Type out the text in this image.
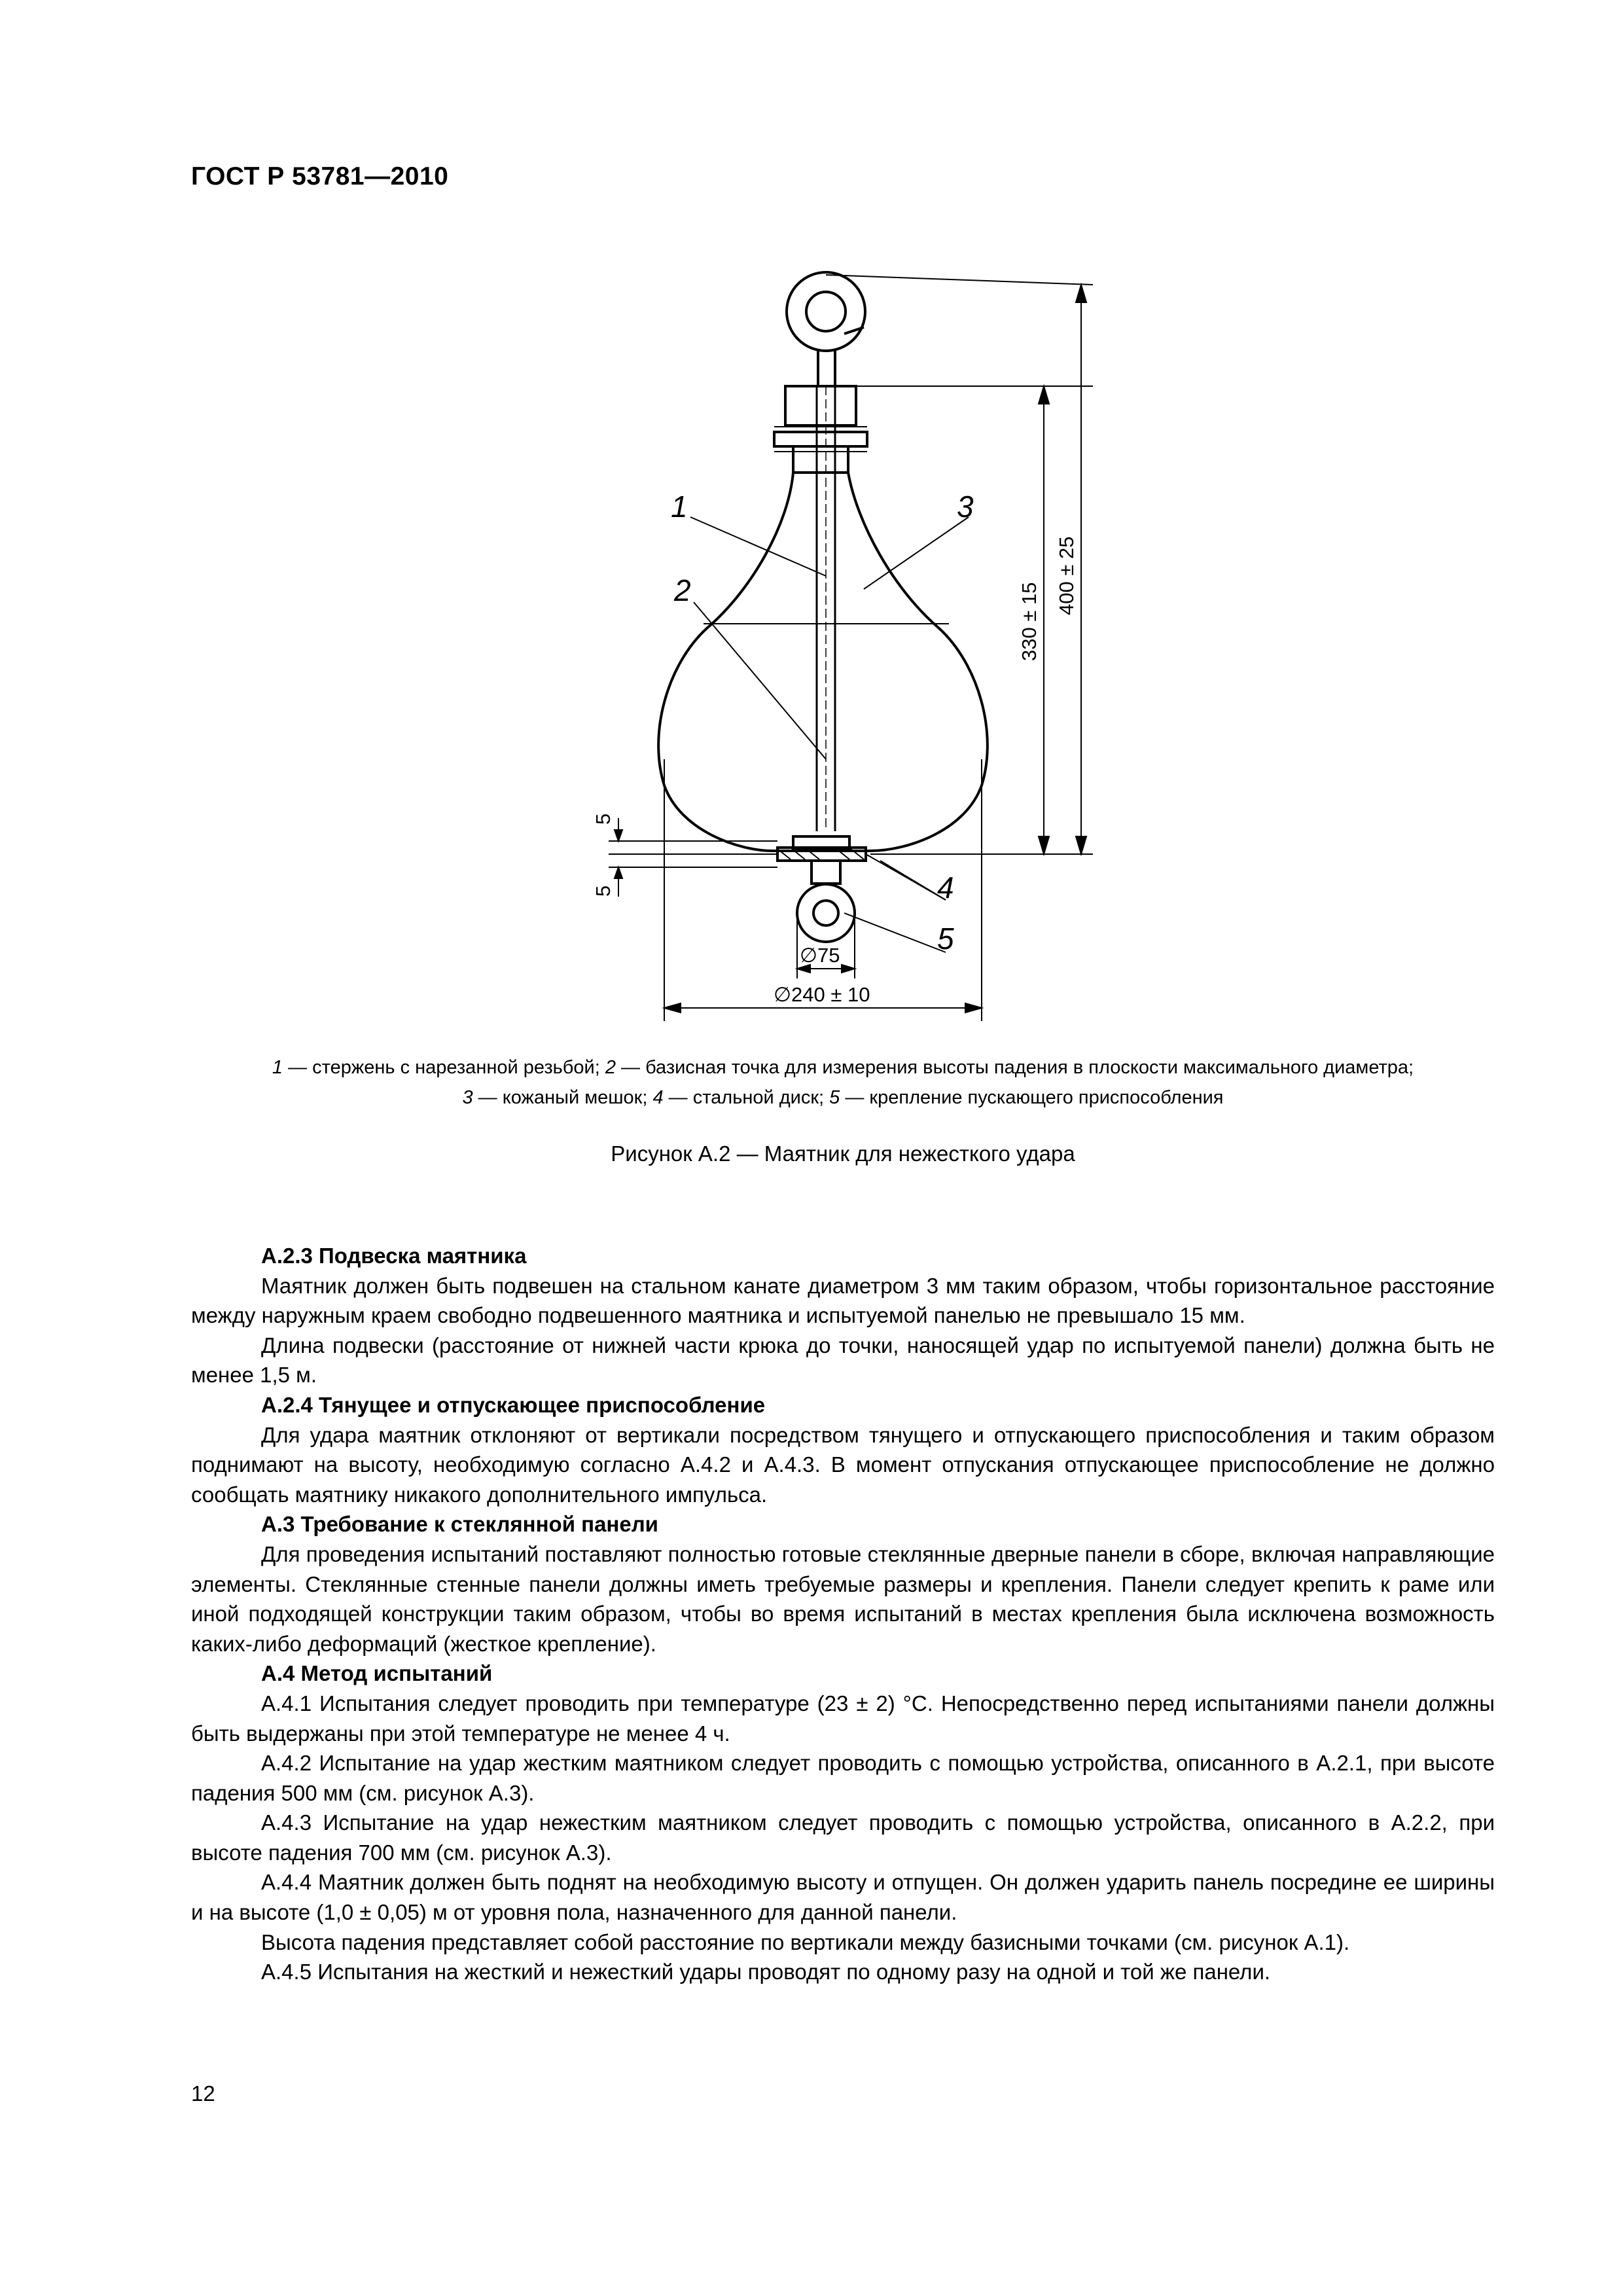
ГОСТ Р 53781—2010
1	3
2
4
5
400 ± 25
330 ± 15
5
5
∅75
∅240 ± 10
1 — стержень с нарезанной резьбой; 2 — базисная точка для измерения высоты падения в плоскости максимального диаметра;
3 — кожаный мешок; 4 — стальной диск; 5 — крепление пускающего приспособления
Рисунок А.2 — Маятник для нежесткого удара

А.2.3 Подвеска маятника

Маятник должен быть подвешен на стальном канате диаметром 3 мм таким образом, чтобы горизонтальное расстояние между наружным краем свободно подвешенного маятника и испытуемой панелью не превышало 15 мм.

Длина подвески (расстояние от нижней части крюка до точки, наносящей удар по испытуемой панели) должна быть не менее 1,5 м.

А.2.4 Тянущее и отпускающее приспособление

Для удара маятник отклоняют от вертикали посредством тянущего и отпускающего приспособления и таким образом поднимают на высоту, необходимую согласно А.4.2 и А.4.3. В момент отпускания отпускающее приспособление не должно сообщать маятнику никакого дополнительного импульса.

А.3 Требование к стеклянной панели

Для проведения испытаний поставляют полностью готовые стеклянные дверные панели в сборе, включая направляющие элементы. Стеклянные стенные панели должны иметь требуемые размеры и крепления. Панели следует крепить к раме или иной подходящей конструкции таким образом, чтобы во время испытаний в местах крепления была исключена возможность каких-либо деформаций (жесткое крепление).

А.4 Метод испытаний

А.4.1 Испытания следует проводить при температуре (23 ± 2) °С. Непосредственно перед испытаниями панели должны быть выдержаны при этой температуре не менее 4 ч.

А.4.2 Испытание на удар жестким маятником следует проводить с помощью устройства, описанного в А.2.1, при высоте падения 500 мм (см. рисунок А.3).

А.4.3 Испытание на удар нежестким маятником следует проводить с помощью устройства, описанного в А.2.2, при высоте падения 700 мм (см. рисунок А.3).

А.4.4 Маятник должен быть поднят на необходимую высоту и отпущен. Он должен ударить панель посредине ее ширины и на высоте (1,0 ± 0,05) м от уровня пола, назначенного для данной панели.

Высота падения представляет собой расстояние по вертикали между базисными точками (см. рисунок А.1).

А.4.5 Испытания на жесткий и нежесткий удары проводят по одному разу на одной и той же панели.

12
